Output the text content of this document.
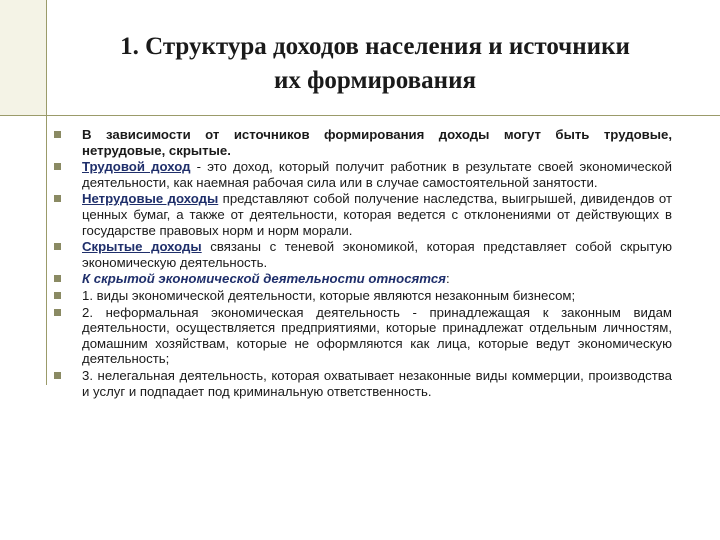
1. Структура доходов населения и источники
их формирования
В зависимости от источников формирования доходы могут быть трудовые, нетрудовые, скрытые.
Трудовой доход - это доход, который получит работник в результате своей экономической деятельности, как наемная рабочая сила или в случае самостоятельной занятости.
Нетрудовые доходы представляют собой получение наследства, выигрышей, дивидендов от ценных бумаг, а также от деятельности, которая ведется с отклонениями от действующих в государстве правовых норм и норм морали.
Скрытые доходы связаны с теневой экономикой, которая представляет собой скрытую экономическую деятельность.
К скрытой экономической деятельности относятся:
1. виды экономической деятельности, которые являются незаконным бизнесом;
2. неформальная экономическая деятельность - принадлежащая к законным видам деятельности, осуществляется предприятиями, которые принадлежат отдельным личностям, домашним хозяйствам, которые не оформляются как лица, которые ведут экономическую деятельность;
3. нелегальная деятельность, которая охватывает незаконные виды коммерции, производства и услуг и подпадает под криминальную ответственность.
